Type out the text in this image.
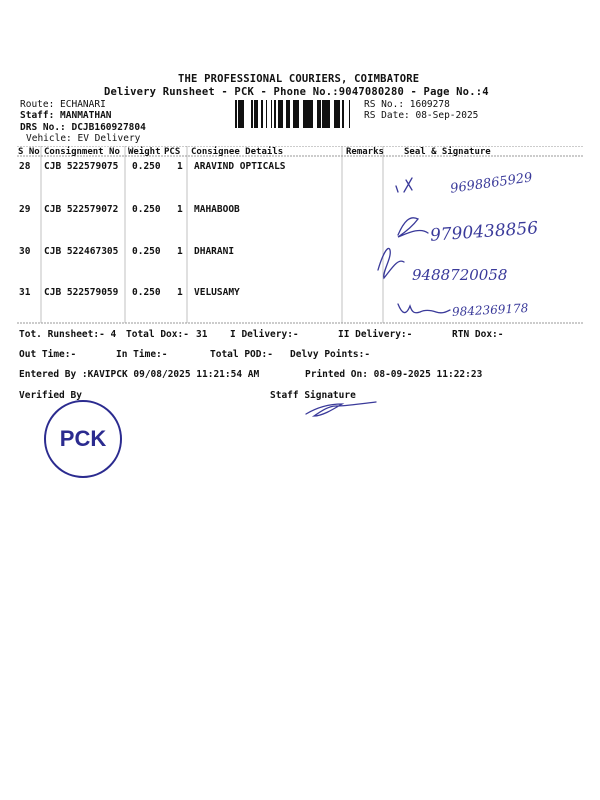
THE PROFESSIONAL COURIERS, COIMBATORE
Delivery Runsheet - PCK - Phone No.:9047080280 - Page No.:4
Route: ECHANARI
Staff: MANMATHAN
DRS No.: DCJB160927804
Vehicle: EV Delivery
RS No.: 1609278
RS Date: 08-Sep-2025
S No Consignment No Weight PCS Consignee Details	Remarks Seal & Signature
28 CJB 522579075 0.250 1 ARAVIND OPTICALS
9698865929
29 CJB 522579072 0.250 1 MAHABOOB
9790438856
30 CJB 522467305 0.250 1 DHARANI
9488720058
31 CJB 522579059 0.250 1 VELUSAMY
9842369178
Tot. Runsheet:- 4 Total Dox:- 31 I Delivery:-	II Delivery:-	RTN Dox:-
Out Time:-	In Time:-	Total POD:- Delvy Points:-
Entered By :KAVIPCK 09/08/2025 11:21:54 AM	Printed On: 08-09-2025 11:22:23
Verified By	Staff Signature
PCK
